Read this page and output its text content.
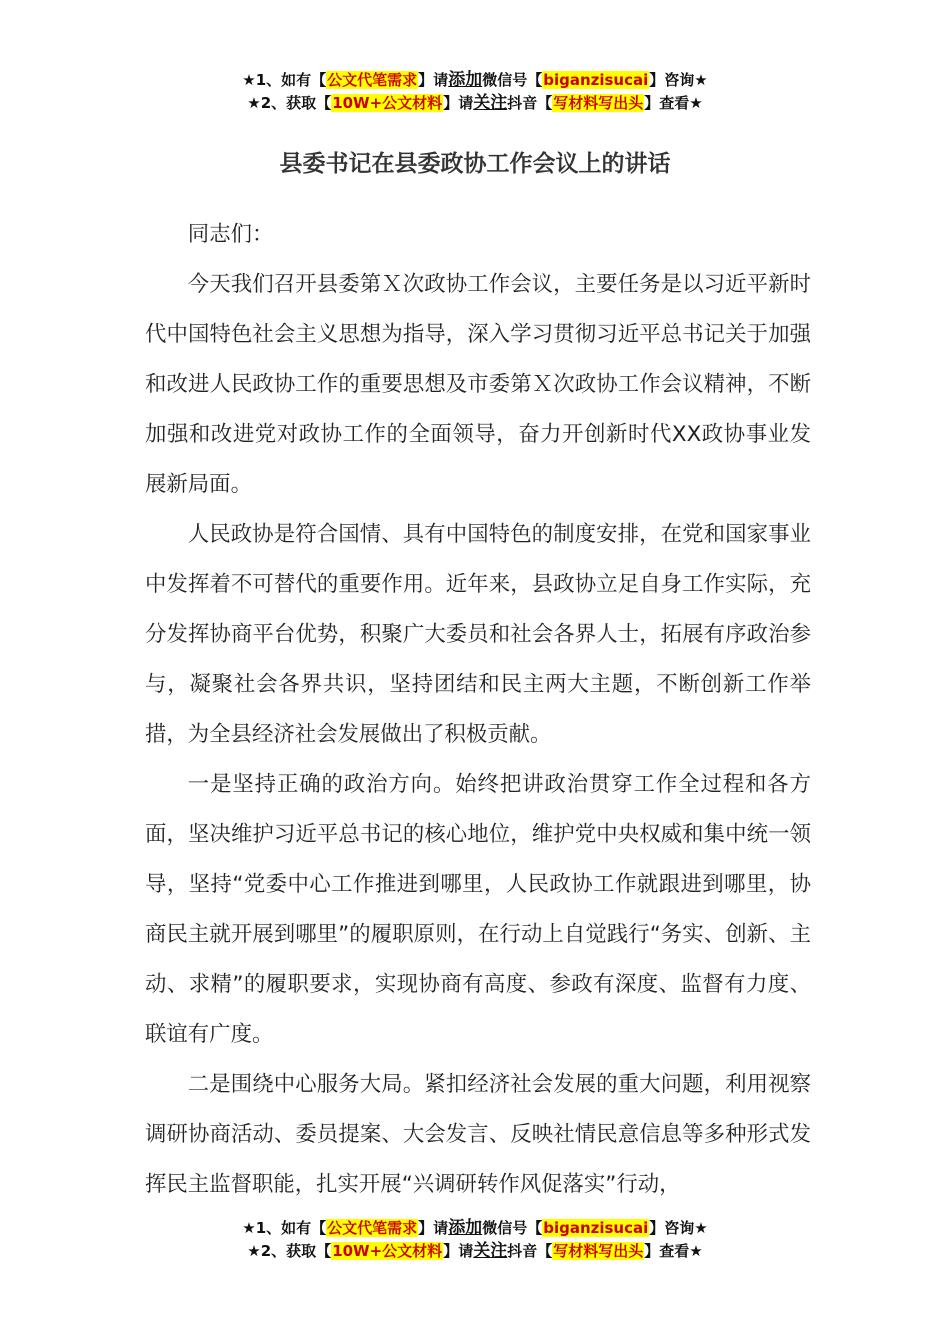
★1、如有【公文代笔需求】请添加微信号【biganzisucai】咨询★
★2、获取【10W+公文材料】请关注抖音【写材料写出头】查看★
县委书记在县委政协工作会议上的讲话

同志们：

今天我们召开县委第Ｘ次政协工作会议，主要任务是以习近平新时代中国特色社会主义思想为指导，深入学习贯彻习近平总书记关于加强和改进人民政协工作的重要思想及市委第Ｘ次政协工作会议精神，不断加强和改进党对政协工作的全面领导，奋力开创新时代XX政协事业发展新局面。

人民政协是符合国情、具有中国特色的制度安排，在党和国家事业中发挥着不可替代的重要作用。近年来，县政协立足自身工作实际，充分发挥协商平台优势，积聚广大委员和社会各界人士，拓展有序政治参与，凝聚社会各界共识，坚持团结和民主两大主题，不断创新工作举措，为全县经济社会发展做出了积极贡献。

一是坚持正确的政治方向。始终把讲政治贯穿工作全过程和各方面，坚决维护习近平总书记的核心地位，维护党中央权威和集中统一领导，坚持“党委中心工作推进到哪里，人民政协工作就跟进到哪里，协商民主就开展到哪里”的履职原则，在行动上自觉践行“务实、创新、主动、求精”的履职要求，实现协商有高度、参政有深度、监督有力度、联谊有广度。

二是围绕中心服务大局。紧扣经济社会发展的重大问题，利用视察调研协商活动、委员提案、大会发言、反映社情民意信息等多种形式发挥民主监督职能，扎实开展“兴调研转作风促落实”行动，

★1、如有【公文代笔需求】请添加微信号【biganzisucai】咨询★
★2、获取【10W+公文材料】请关注抖音【写材料写出头】查看★
